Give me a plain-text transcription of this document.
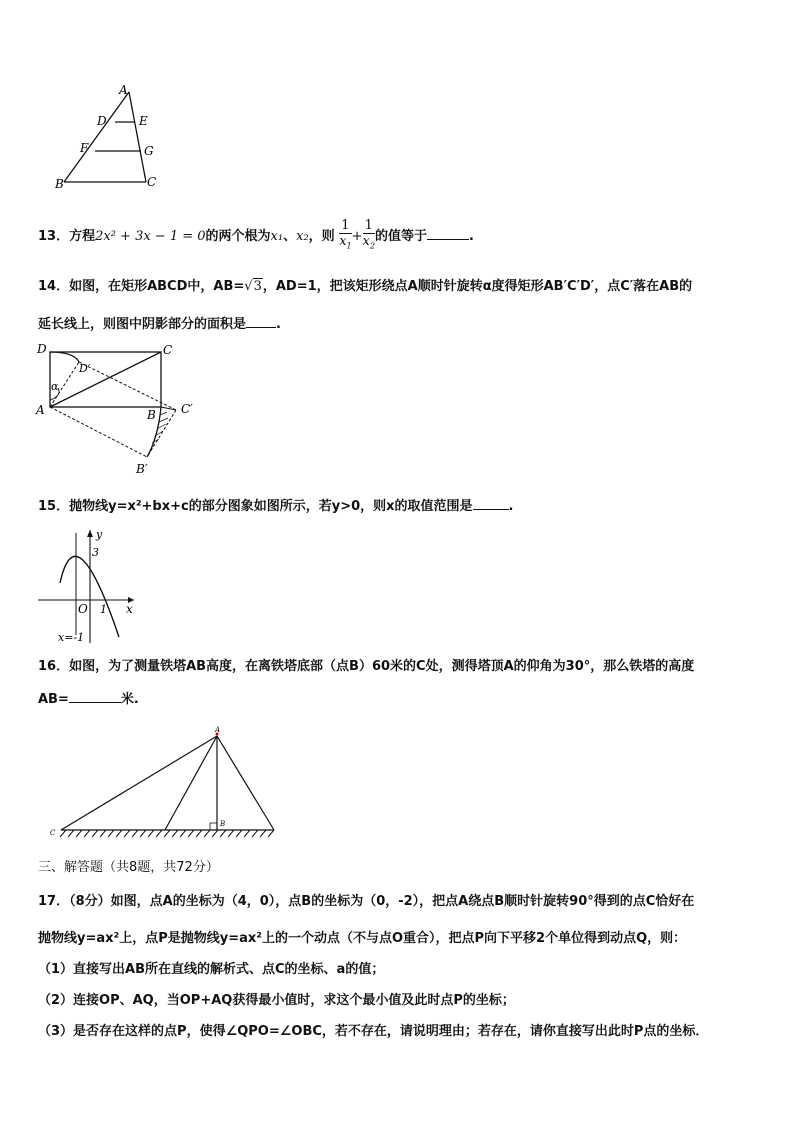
A
D	E
F	G
B	C
13．方程2x² + 3x − 1 = 0的两个根为x₁、x₂，则 $\frac{1}{x_1} + \frac{1}{x_2}$ 的值等于	.
14．如图，在矩形ABCD中，AB=√3，AD=1，把该矩形绕点A顺时针旋转α度得矩形AB′C′D′，点C′落在AB的
延长线上，则图中阴影部分的面积是 .
D	C
D′
α
A	B C′
B′
15．抛物线y=x²+bx+c的部分图象如图所示，若y>0，则x的取值范围是	.
y
3
O 1 x
x=-1
16．如图，为了测量铁塔AB高度，在离铁塔底部（点B）60米的C处，测得塔顶A的仰角为30°，那么铁塔的高度
AB=	米.
A
B
C
三、解答题（共8题，共72分）
17．（8分）如图，点A的坐标为（4，0），点B的坐标为（0，-2），把点A绕点B顺时针旋转90°得到的点C恰好在
抛物线y=ax²上，点P是抛物线y=ax²上的一个动点（不与点O重合），把点P向下平移2个单位得到动点Q，则：
（1）直接写出AB所在直线的解析式、点C的坐标、a的值；
（2）连接OP、AQ，当OP+AQ获得最小值时，求这个最小值及此时点P的坐标；
（3）是否存在这样的点P，使得∠QPO=∠OBC，若不存在，请说明理由；若存在，请你直接写出此时P点的坐标．
